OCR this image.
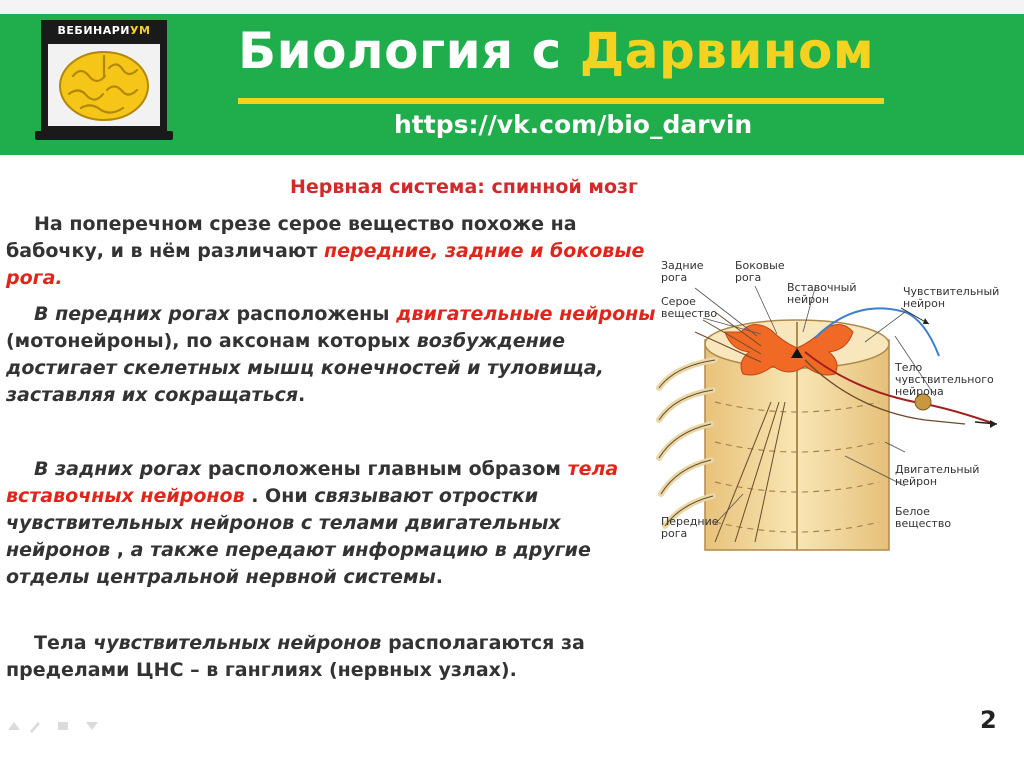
ВЕБИНАРИУМ	Биология с Дарвином
https://vk.com/bio_darvin
Нервная система: спинной мозг

На поперечном срезе серое вещество похоже на бабочку, и в нём различают передние, задние и боковые рога.

В передних рогах расположены двигательные нейроны (мотонейроны), по аксонам которых возбуждение достигает скелетных мышц конечностей и туловища, заставляя их сокращаться.

В задних рогах расположены главным образом тела вставочных нейронов . Они связывают отростки чувствительных нейронов с телами двигательных нейронов , а также передают информацию в другие отделы центральной нервной системы.

Тела чувствительных нейронов располагаются за пределами ЦНС – в ганглиях (нервных узлах).

Задние
рога
Боковые
рога
Вставочный
нейрон
Чувствительный
нейрон
Серое
вещество
Тело
чувствительного
нейрона
Двигательный
нейрон
Белое
вещество
Передние
рога
2
